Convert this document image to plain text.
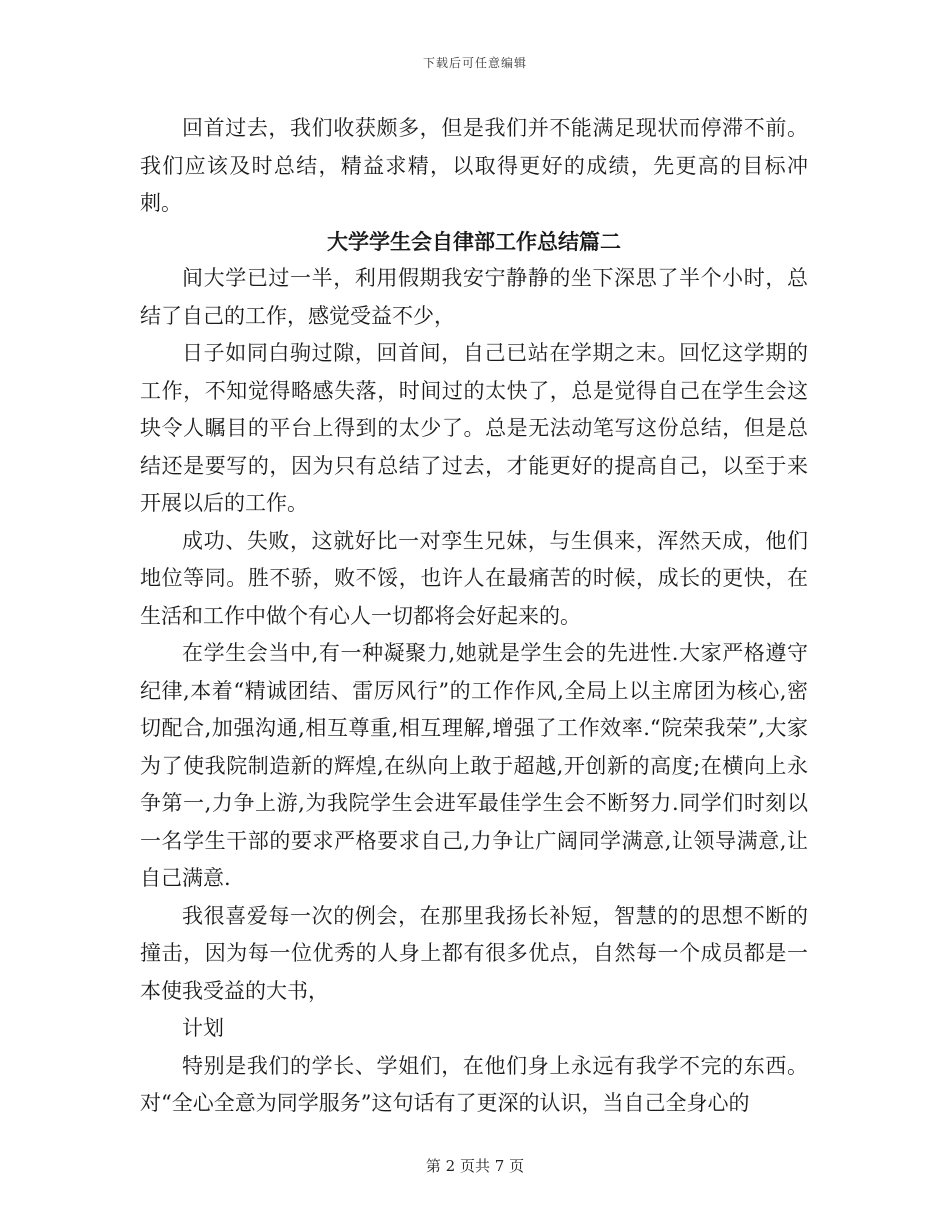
下载后可任意编辑

回首过去，我们收获颇多，但是我们并不能满足现状而停滞不前。我们应该及时总结，精益求精，以取得更好的成绩，先更高的目标冲刺。

大学学生会自律部工作总结篇二

间大学已过一半，利用假期我安宁静静的坐下深思了半个小时，总结了自己的工作，感觉受益不少，

日子如同白驹过隙，回首间，自己已站在学期之末。回忆这学期的工作，不知觉得略感失落，时间过的太快了，总是觉得自己在学生会这块令人瞩目的平台上得到的太少了。总是无法动笔写这份总结，但是总结还是要写的，因为只有总结了过去，才能更好的提高自己，以至于来开展以后的工作。

成功、失败，这就好比一对孪生兄妹，与生俱来，浑然天成，他们地位等同。胜不骄，败不馁，也许人在最痛苦的时候，成长的更快，在生活和工作中做个有心人一切都将会好起来的。

在学生会当中,有一种凝聚力,她就是学生会的先进性.大家严格遵守纪律,本着“精诚团结、雷厉风行”的工作作风,全局上以主席团为核心,密切配合,加强沟通,相互尊重,相互理解,增强了工作效率.“院荣我荣”,大家为了使我院制造新的辉煌,在纵向上敢于超越,开创新的高度;在横向上永争第一,力争上游,为我院学生会进军最佳学生会不断努力.同学们时刻以一名学生干部的要求严格要求自己,力争让广阔同学满意,让领导满意,让自己满意.

我很喜爱每一次的例会，在那里我扬长补短，智慧的的思想不断的撞击，因为每一位优秀的人身上都有很多优点，自然每一个成员都是一本使我受益的大书，

计划

特别是我们的学长、学姐们，在他们身上永远有我学不完的东西。对“全心全意为同学服务”这句话有了更深的认识，当自己全身心的

第 2 页共 7 页
